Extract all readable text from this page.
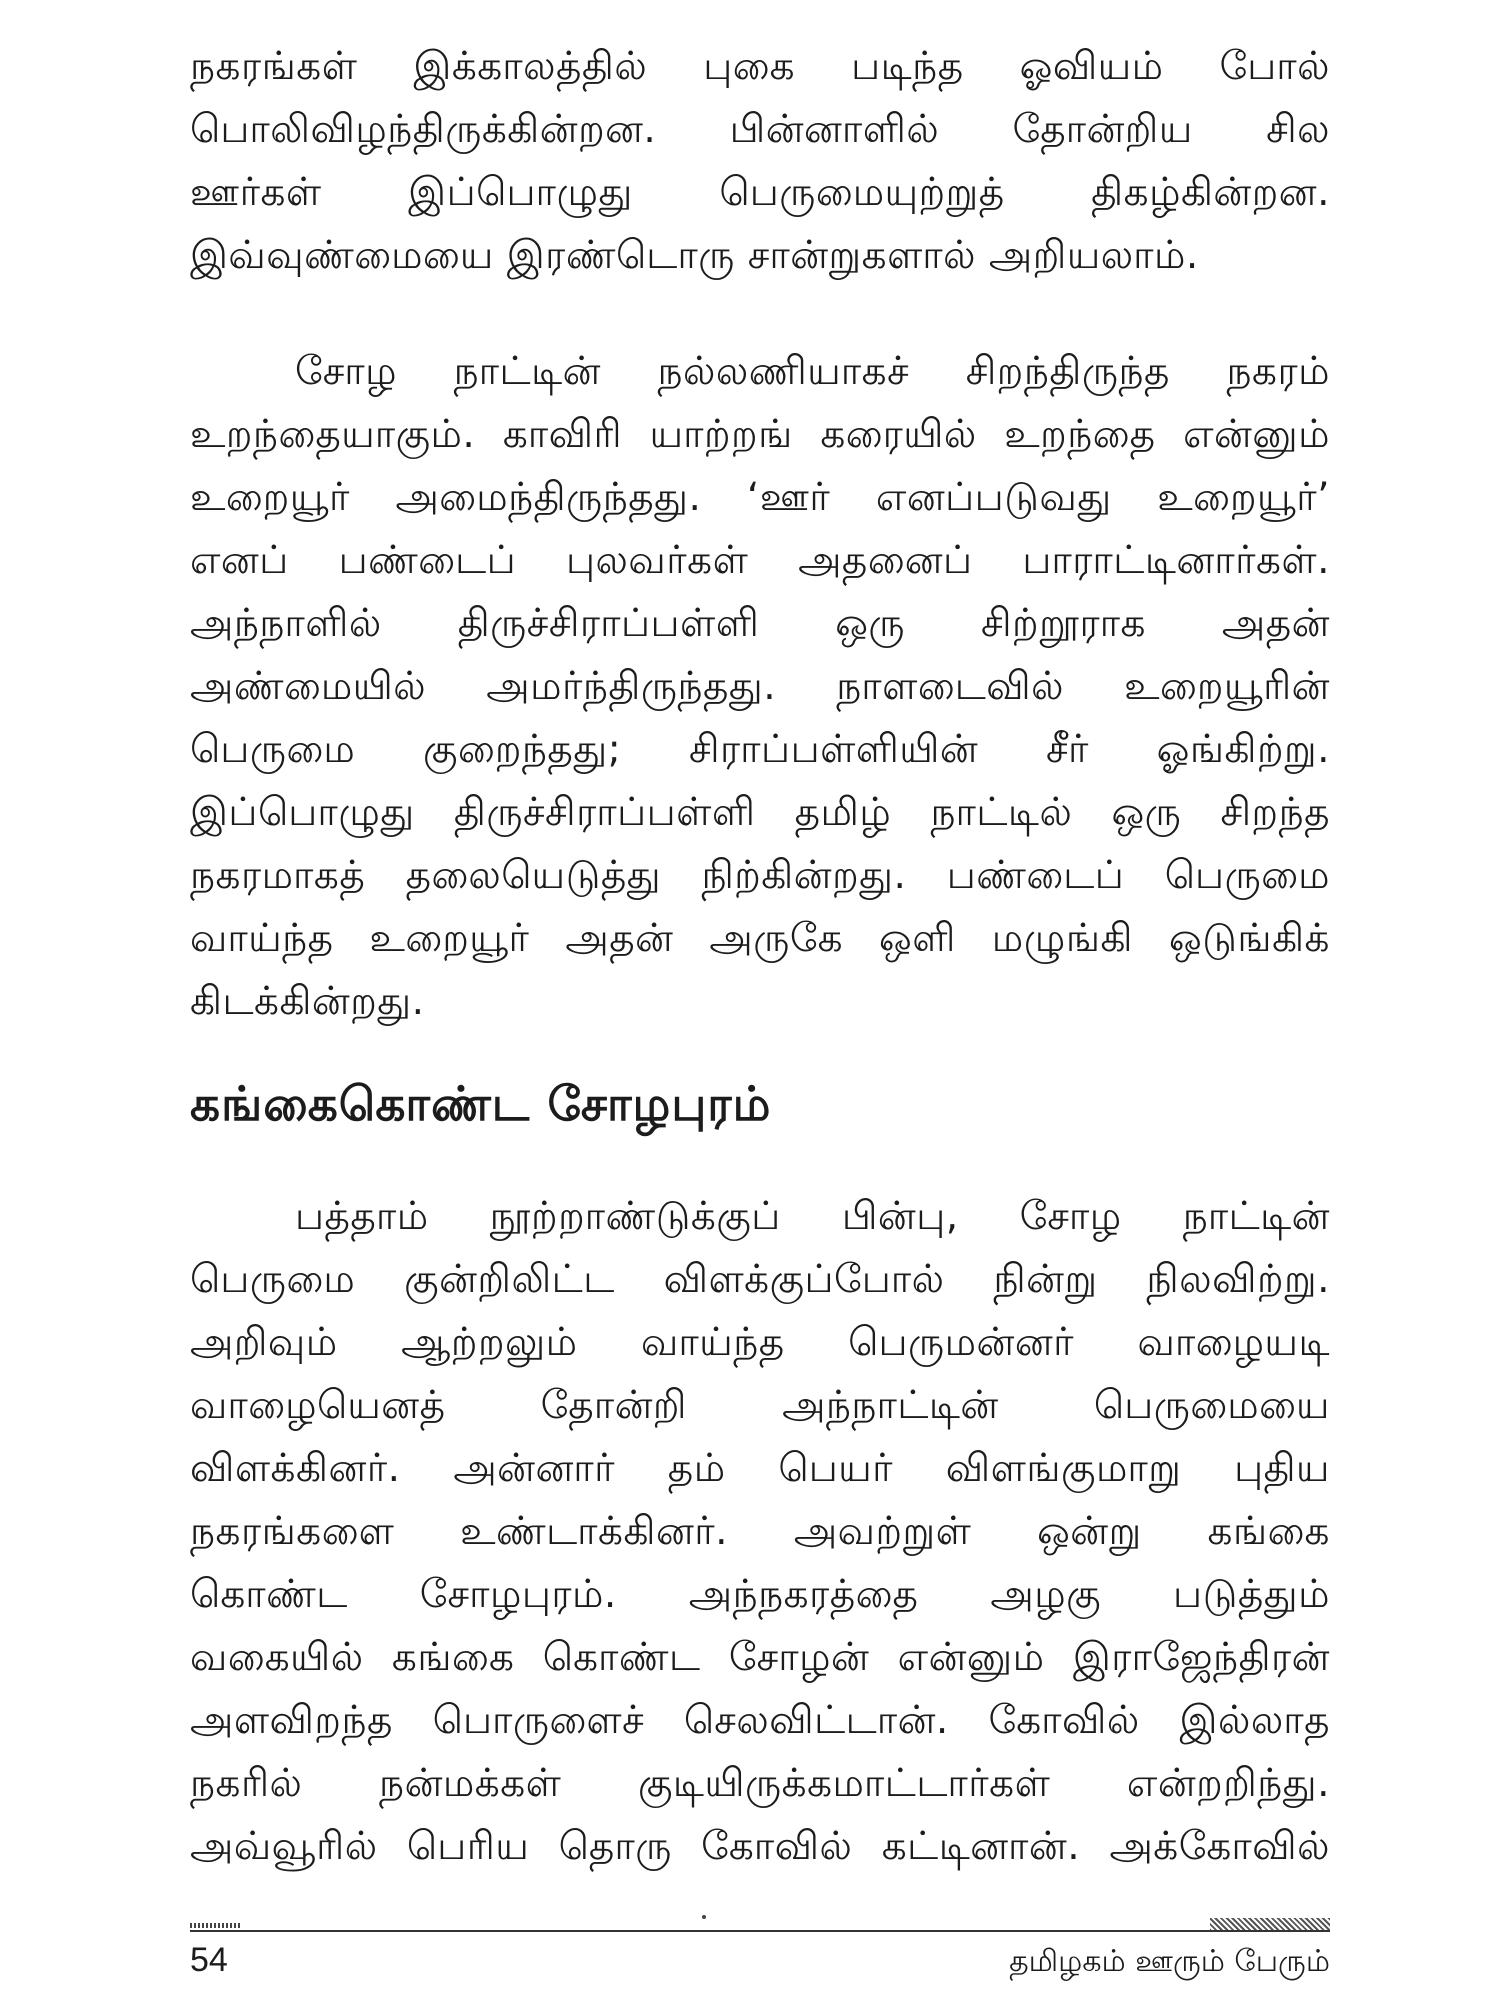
நகரங்கள் இக்காலத்தில் புகை படிந்த ஓவியம் போல்
பொலிவிழந்திருக்கின்றன. பின்னாளில் தோன்றிய சில
ஊர்கள் இப்பொழுது பெருமையுற்றுத் திகழ்கின்றன.
இவ்வுண்மையை இரண்டொரு சான்றுகளால் அறியலாம்.
சோழ நாட்டின் நல்லணியாகச் சிறந்திருந்த நகரம்
உறந்தையாகும். காவிரி யாற்றங் கரையில் உறந்தை என்னும்
உறையூர் அமைந்திருந்தது. ‘ஊர் எனப்படுவது உறையூர்’
எனப் பண்டைப் புலவர்கள் அதனைப் பாராட்டினார்கள்.
அந்நாளில் திருச்சிராப்பள்ளி ஒரு சிற்றூராக அதன்
அண்மையில் அமர்ந்திருந்தது. நாளடைவில் உறையூரின்
பெருமை குறைந்தது; சிராப்பள்ளியின் சீர் ஓங்கிற்று.
இப்பொழுது திருச்சிராப்பள்ளி தமிழ் நாட்டில் ஒரு சிறந்த
நகரமாகத் தலையெடுத்து நிற்கின்றது. பண்டைப் பெருமை
வாய்ந்த உறையூர் அதன் அருகே ஒளி மழுங்கி ஒடுங்கிக்
கிடக்கின்றது.
கங்கைகொண்ட சோழபுரம்
பத்தாம் நூற்றாண்டுக்குப் பின்பு, சோழ நாட்டின்
பெருமை குன்றிலிட்ட விளக்குப்போல் நின்று நிலவிற்று.
அறிவும் ஆற்றலும் வாய்ந்த பெருமன்னர் வாழையடி
வாழையெனத் தோன்றி அந்நாட்டின் பெருமையை
விளக்கினர். அன்னார் தம் பெயர் விளங்குமாறு புதிய
நகரங்களை உண்டாக்கினர். அவற்றுள் ஒன்று கங்கை
கொண்ட சோழபுரம். அந்நகரத்தை அழகு படுத்தும்
வகையில் கங்கை கொண்ட சோழன் என்னும் இராஜேந்திரன்
அளவிறந்த பொருளைச் செலவிட்டான். கோவில் இல்லாத
நகரில் நன்மக்கள் குடியிருக்கமாட்டார்கள் என்றறிந்து.
அவ்வூரில் பெரிய தொரு கோவில் கட்டினான். அக்கோவில்
54	தமிழகம் ஊரும் பேரும்
